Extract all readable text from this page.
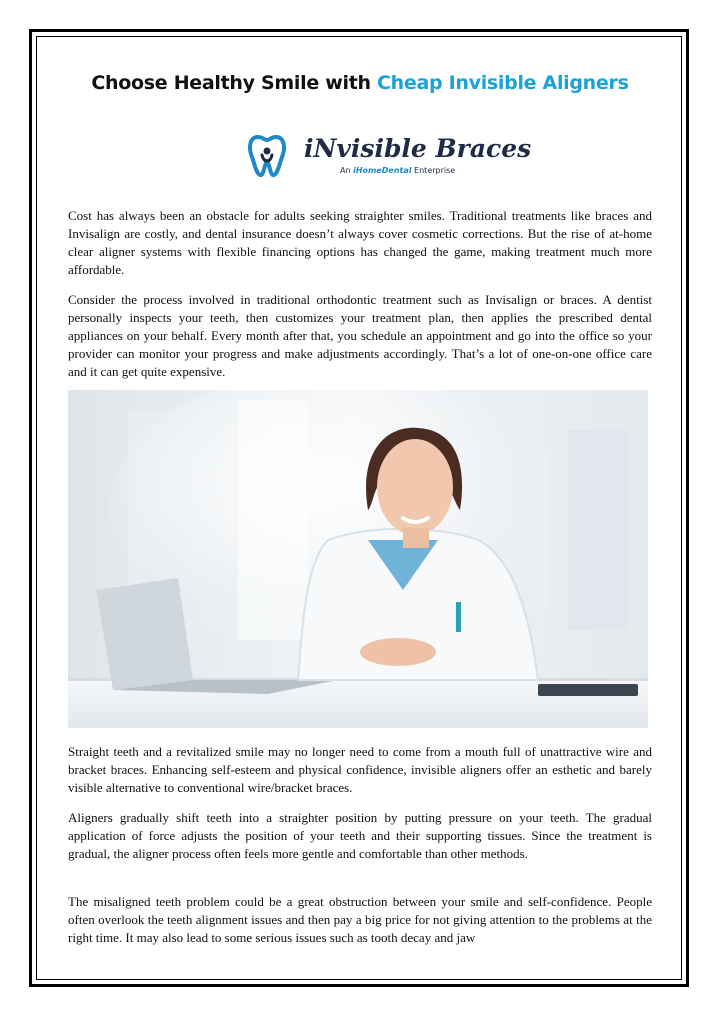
Choose Healthy Smile with Cheap Invisible Aligners
iNvisible Braces
An iHomeDental Enterprise

Cost has always been an obstacle for adults seeking straighter smiles. Traditional treatments like braces and Invisalign are costly, and dental insurance doesn’t always cover cosmetic corrections. But the rise of at-home clear aligner systems with flexible financing options has changed the game, making treatment much more affordable.

Consider the process involved in traditional orthodontic treatment such as Invisalign or braces. A dentist personally inspects your teeth, then customizes your treatment plan, then applies the prescribed dental appliances on your behalf. Every month after that, you schedule an appointment and go into the office so your provider can monitor your progress and make adjustments accordingly. That’s a lot of one-on-one office care and it can get quite expensive.

Straight teeth and a revitalized smile may no longer need to come from a mouth full of unattractive wire and bracket braces. Enhancing self-esteem and physical confidence, invisible aligners offer an esthetic and barely visible alternative to conventional wire/bracket braces.

Aligners gradually shift teeth into a straighter position by putting pressure on your teeth. The gradual application of force adjusts the position of your teeth and their supporting tissues. Since the treatment is gradual, the aligner process often feels more gentle and comfortable than other methods.

The misaligned teeth problem could be a great obstruction between your smile and self-confidence. People often overlook the teeth alignment issues and then pay a big price for not giving attention to the problems at the right time. It may also lead to some serious issues such as tooth decay and jaw
